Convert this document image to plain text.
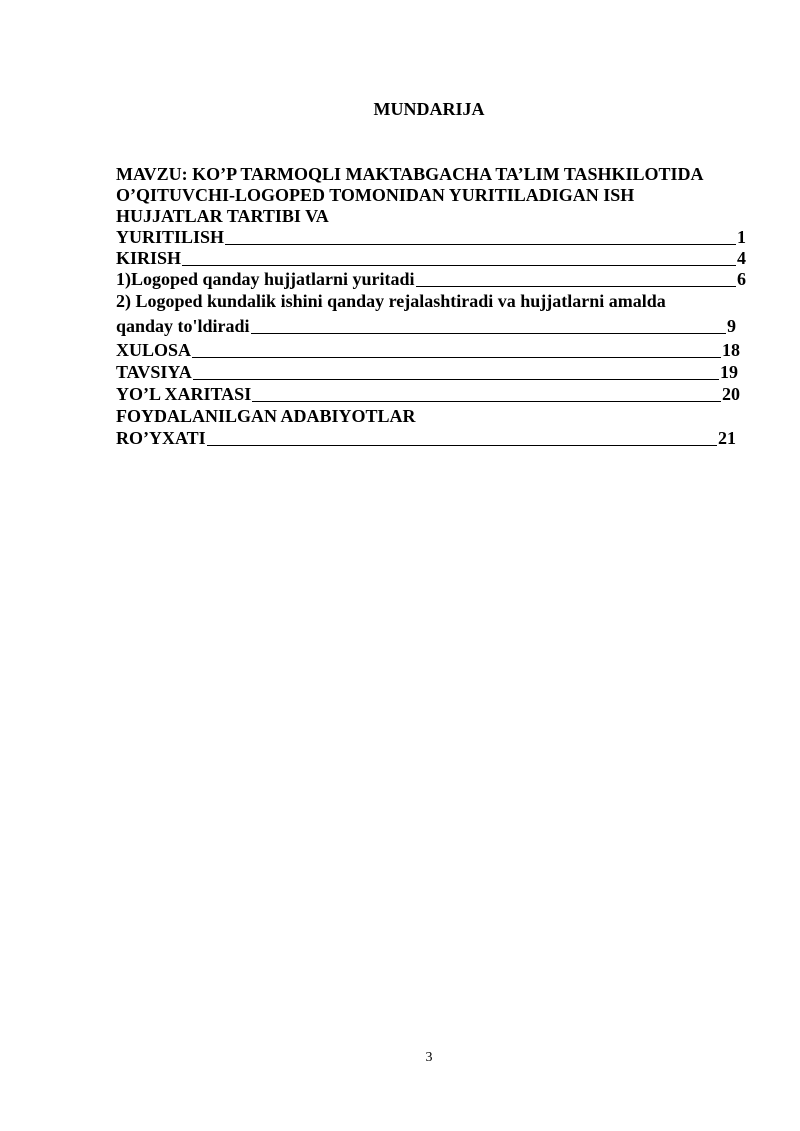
MUNDARIJA
MAVZU: KO’P TARMOQLI MAKTABGACHA TA’LIM TASHKILOTIDA
O’QITUVCHI-LOGOPED TOMONIDAN YURITILADIGAN ISH
HUJJATLAR TARTIBI VA
YURITILISH	1
KIRISH	4
1)Logoped qanday hujjatlarni yuritadi	6
2) Logoped kundalik ishini qanday rejalashtiradi va hujjatlarni amalda
qanday to'ldiradi	9
XULOSA	18
TAVSIYA	19
YO’L XARITASI	20
FOYDALANILGAN ADABIYOTLAR
RO’YXATI	21
3
